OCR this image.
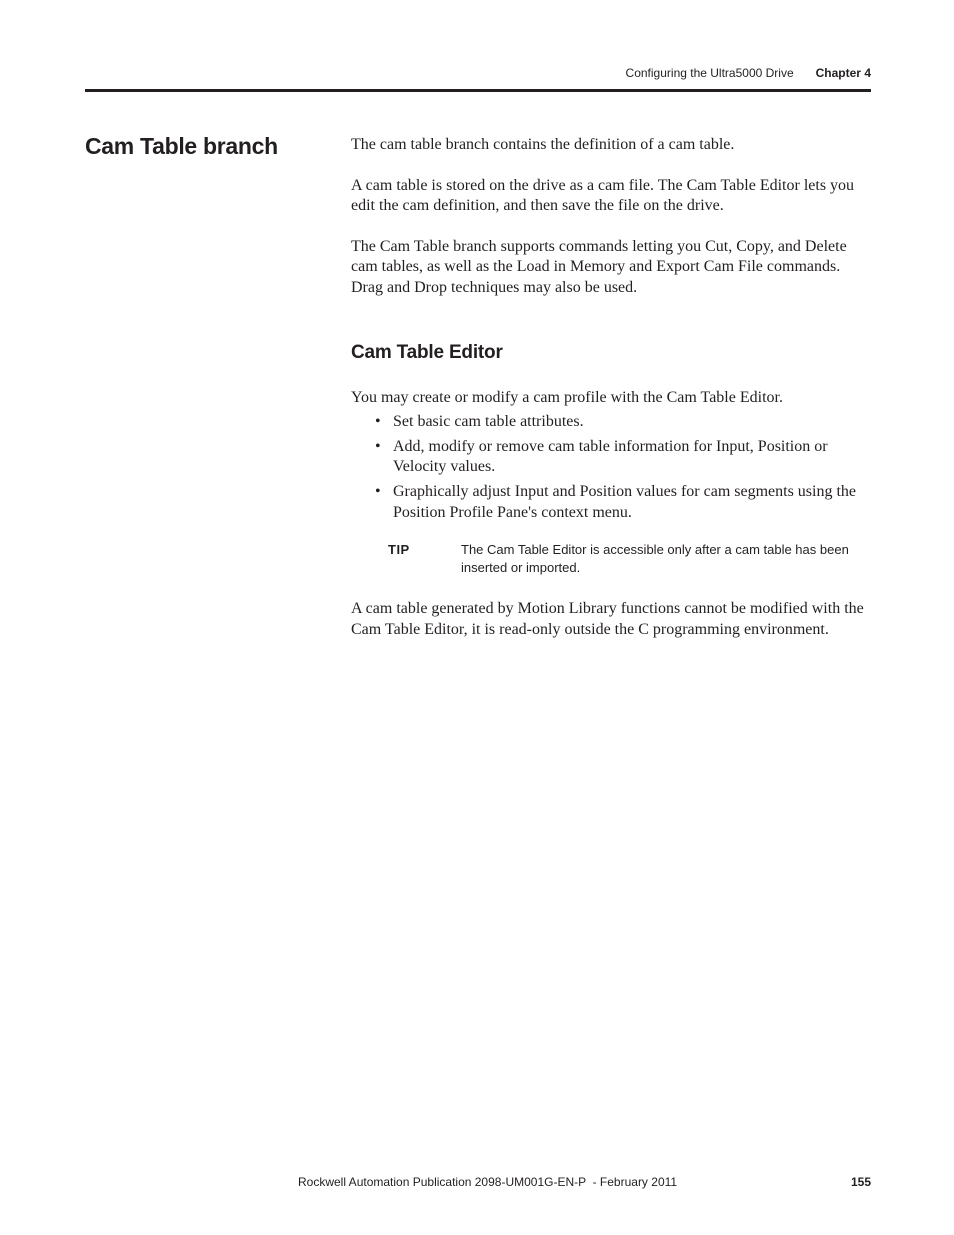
Configuring the Ultra5000 Drive Chapter 4
Cam Table branch	The cam table branch contains the definition of a cam table.

A cam table is stored on the drive as a cam file. The Cam Table Editor lets you edit the cam definition, and then save the file on the drive.

The Cam Table branch supports commands letting you Cut, Copy, and Delete cam tables, as well as the Load in Memory and Export Cam File commands. Drag and Drop techniques may also be used.

Cam Table Editor

You may create or modify a cam profile with the Cam Table Editor.

• Set basic cam table attributes.
• Add, modify or remove cam table information for Input, Position or Velocity values.
• Graphically adjust Input and Position values for cam segments using the Position Profile Pane's context menu.
TIP	The Cam Table Editor is accessible only after a cam table has been inserted or imported.

A cam table generated by Motion Library functions cannot be modified with the Cam Table Editor, it is read-only outside the C programming environment.

Rockwell Automation Publication 2098-UM001G-EN-P  - February 2011	155
